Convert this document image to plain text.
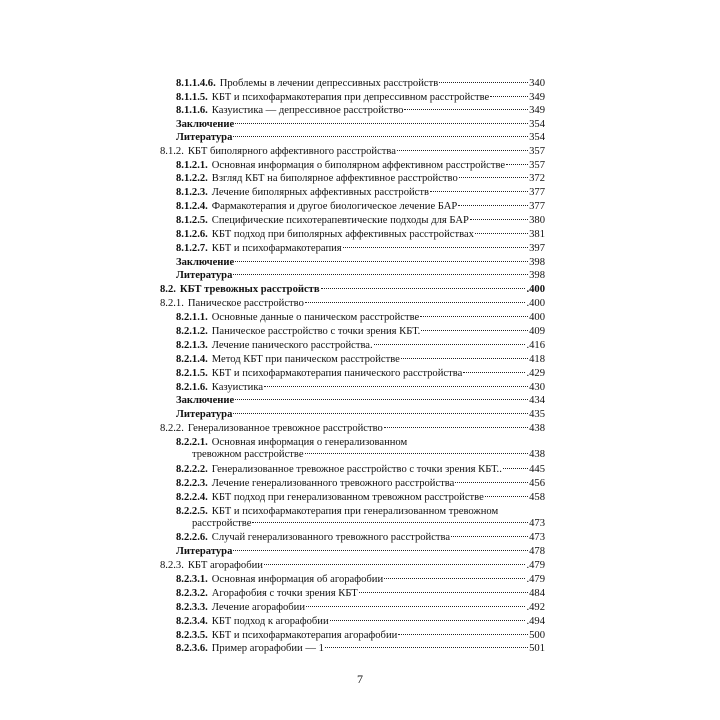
8.1.1.4.6. Проблемы в лечении депрессивных расстройств	340
8.1.1.5. КБТ и психофармакотерапия при депрессивном расстройстве	349
8.1.1.6. Казуистика — депрессивное расстройство	349
Заключение	354
Литература	354
8.1.2. КБТ биполярного аффективного расстройства	357
8.1.2.1. Основная информация о биполярном аффективном расстройстве 357
8.1.2.2. Взгляд КБТ на биполярное аффективное расстройство	372
8.1.2.3. Лечение биполярных аффективных расстройств	377
8.1.2.4. Фармакотерапия и другое биологическое лечение БАР	377
8.1.2.5. Специфические психотерапевтические подходы для БАР	380
8.1.2.6. КБТ подход при биполярных аффективных расстройствах	381
8.1.2.7. КБТ и психофармакотерапия	397
Заключение	398
Литература	398
8.2. КБТ тревожных расстройств	.400
8.2.1. Паническое расстройство	.400
8.2.1.1. Основные данные о паническом расстройстве	400
8.2.1.2. Паническое расстройство с точки зрения КБТ.	409
8.2.1.3. Лечение панического расстройства.	.416
8.2.1.4. Метод КБТ при паническом расстройстве	418
8.2.1.5. КБТ и психофармакотерапия панического расстройства	.429
8.2.1.6. Казуистика	430
Заключение	434
Литература	435
8.2.2. Генерализованное тревожное расстройство	438
8.2.2.1. Основная информация о генерализованном
тревожном расстройстве	438
8.2.2.2. Генерализованное тревожное расстройство с точки зрения КБТ..	445
8.2.2.3. Лечение генерализованного тревожного расстройства	456
8.2.2.4. КБТ подход при генерализованном тревожном расстройстве	458
8.2.2.5. КБТ и психофармакотерапия при генерализованном тревожном
расстройстве	473
8.2.2.6. Случай генерализованного тревожного расстройства	473
Литература	478
8.2.3. КБТ агорафобии	.479
8.2.3.1. Основная информация об агорафобии	.479
8.2.3.2. Агорафобия с точки зрения КБТ	484
8.2.3.3. Лечение агорафобии	.492
8.2.3.4. КБТ подход к агорафобии	.494
8.2.3.5. КБТ и психофармакотерапия агорафобии	500
8.2.3.6. Пример агорафобии — 1	501
7
